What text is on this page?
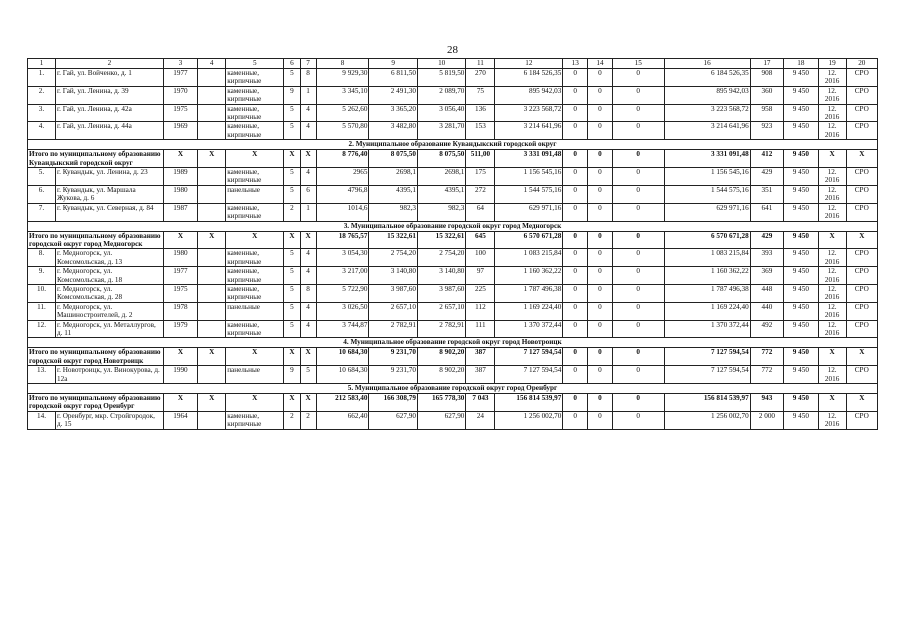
28
1	2	3	4	5	6	7	8	9	10	11	12	13	14	15	16	17	18	19	20
1.	г. Гай, ул. Войченко, д. 1	1977		каменные, кирпичные	5	8	9 929,30	6 811,50	5 819,50	270	6 184 526,35	0	0	0	6 184 526,35	908	9 450	12. 2016	СРО
2.	г. Гай, ул. Ленина, д. 39	1970		каменные, кирпичные	9	1	3 345,10	2 491,30	2 089,70	75	895 942,03	0	0	0	895 942,03	360	9 450	12. 2016	СРО
3.	г. Гай, ул. Ленина, д. 42а	1975		каменные, кирпичные	5	4	5 262,60	3 365,20	3 056,40	136	3 223 568,72	0	0	0	3 223 568,72	958	9 450	12. 2016	СРО
4.	г. Гай, ул. Ленина, д. 44а	1969		каменные, кирпичные	5	4	5 570,80	3 482,80	3 281,70	153	3 214 641,96	0	0	0	3 214 641,96	923	9 450	12. 2016	СРО
2. Муниципальное образование Кувандыкский городской округ																			
Итого по муниципальному образованию Кувандыкский городской округ		X	X	X	X	X	8 776,40	8 075,50	8 075,50	511,00	3 331 091,48	0	0	0	3 331 091,48	412	9 450	X	X
5.	г. Кувандык, ул. Ленина, д. 23	1989		каменные, кирпичные	5	4	2965	2698,1	2698,1	175	1 156 545,16	0	0	0	1 156 545,16	429	9 450	12. 2016	СРО
6.	г. Кувандык, ул. Маршала Жукова, д. 6	1980		панельные	5	6	4796,8	4395,1	4395,1	272	1 544 575,16	0	0	0	1 544 575,16	351	9 450	12. 2016	СРО
7.	г. Кувандык, ул. Северная, д. 84	1987		каменные, кирпичные	2	1	1014,6	982,3	982,3	64	629 971,16	0	0	0	629 971,16	641	9 450	12. 2016	СРО
3. Муниципальное образование городской округ город Медногорск																			
Итого по муниципальному образованию городской округ город Медногорск		X	X	X	X	X	18 765,57	15 322,61	15 322,61	645	6 570 671,28	0	0	0	6 570 671,28	429	9 450	X	X
8.	г. Медногорск, ул. Комсомольская, д. 13	1980		каменные, кирпичные	5	4	3 054,30	2 754,20	2 754,20	100	1 083 215,84	0	0	0	1 083 215,84	393	9 450	12. 2016	СРО
9.	г. Медногорск, ул. Комсомольская, д. 18	1977		каменные, кирпичные	5	4	3 217,00	3 140,80	3 140,80	97	1 160 362,22	0	0	0	1 160 362,22	369	9 450	12. 2016	СРО
10.	г. Медногорск, ул. Комсомольская, д. 28	1975		каменные, кирпичные	5	8	5 722,90	3 987,60	3 987,60	225	1 787 496,38	0	0	0	1 787 496,38	448	9 450	12. 2016	СРО
11.	г. Медногорск, ул. Машиностроителей, д. 2	1978		панельные	5	4	3 026,50	2 657,10	2 657,10	112	1 169 224,40	0	0	0	1 169 224,40	440	9 450	12. 2016	СРО
12.	г. Медногорск, ул. Металлургов, д. 11	1979		каменные, кирпичные	5	4	3 744,87	2 782,91	2 782,91	111	1 370 372,44	0	0	0	1 370 372,44	492	9 450	12. 2016	СРО
4. Муниципальное образование городской округ город Новотроицк																			
Итого по муниципальному образованию городской округ город Новотроицк		X	X	X	X	X	10 684,30	9 231,70	8 902,20	387	7 127 594,54	0	0	0	7 127 594,54	772	9 450	X	X
13.	г. Новотроицк, ул. Винокурова, д. 12а	1990		панельные	9	5	10 684,30	9 231,70	8 902,20	387	7 127 594,54	0	0	0	7 127 594,54	772	9 450	12. 2016	СРО
5. Муниципальное образование городской округ город Оренбург																			
Итого по муниципальному образованию городской округ город Оренбург		X	X	X	X	X	212 583,40	166 308,79	165 778,30	7 043	156 814 539,97	0	0	0	156 814 539,97	943	9 450	X	X
14.	г. Оренбург, мкр. Стройгородок, д. 15	1964		каменные, кирпичные	2	2	662,40	627,90	627,90	24	1 256 002,70	0	0	0	1 256 002,70	2 000	9 450	12. 2016	СРО
